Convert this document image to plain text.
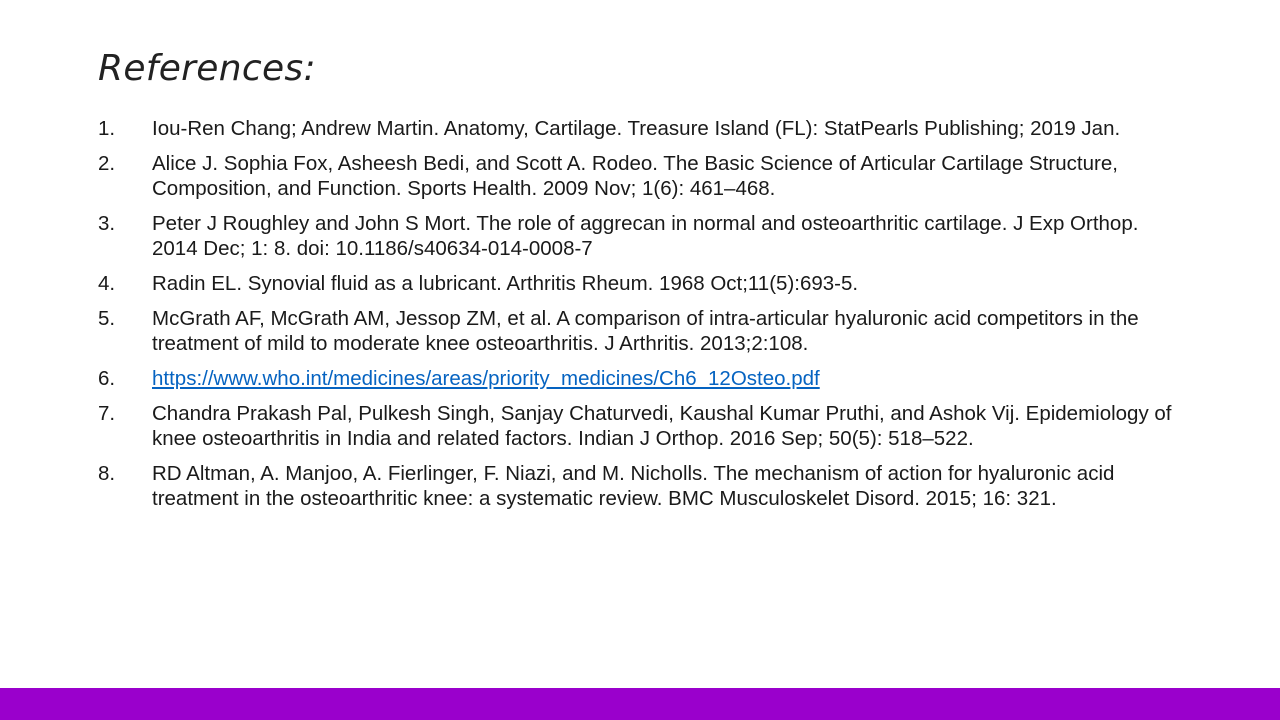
References:
1.	Iou-Ren Chang; Andrew Martin. Anatomy, Cartilage. Treasure Island (FL): StatPearls Publishing; 2019 Jan.
2.	Alice J. Sophia Fox, Asheesh Bedi, and Scott A. Rodeo. The Basic Science of Articular Cartilage Structure, Composition, and Function. Sports Health. 2009 Nov; 1(6): 461–468.
3.	Peter J Roughley and John S Mort. The role of aggrecan in normal and osteoarthritic cartilage. J Exp Orthop. 2014 Dec; 1: 8. doi: 10.1186/s40634-014-0008-7
4.	Radin EL. Synovial fluid as a lubricant. Arthritis Rheum. 1968 Oct;11(5):693-5.
5.	McGrath AF, McGrath AM, Jessop ZM, et al. A comparison of intra-articular hyaluronic acid competitors in the treatment of mild to moderate knee osteoarthritis. J Arthritis. 2013;2:108.
6.	https://www.who.int/medicines/areas/priority_medicines/Ch6_12Osteo.pdf
7.	Chandra Prakash Pal, Pulkesh Singh, Sanjay Chaturvedi, Kaushal Kumar Pruthi, and Ashok Vij. Epidemiology of knee osteoarthritis in India and related factors. Indian J Orthop. 2016 Sep; 50(5): 518–522.
8.	RD Altman, A. Manjoo, A. Fierlinger, F. Niazi, and M. Nicholls. The mechanism of action for hyaluronic acid treatment in the osteoarthritic knee: a systematic review. BMC Musculoskelet Disord. 2015; 16: 321.
